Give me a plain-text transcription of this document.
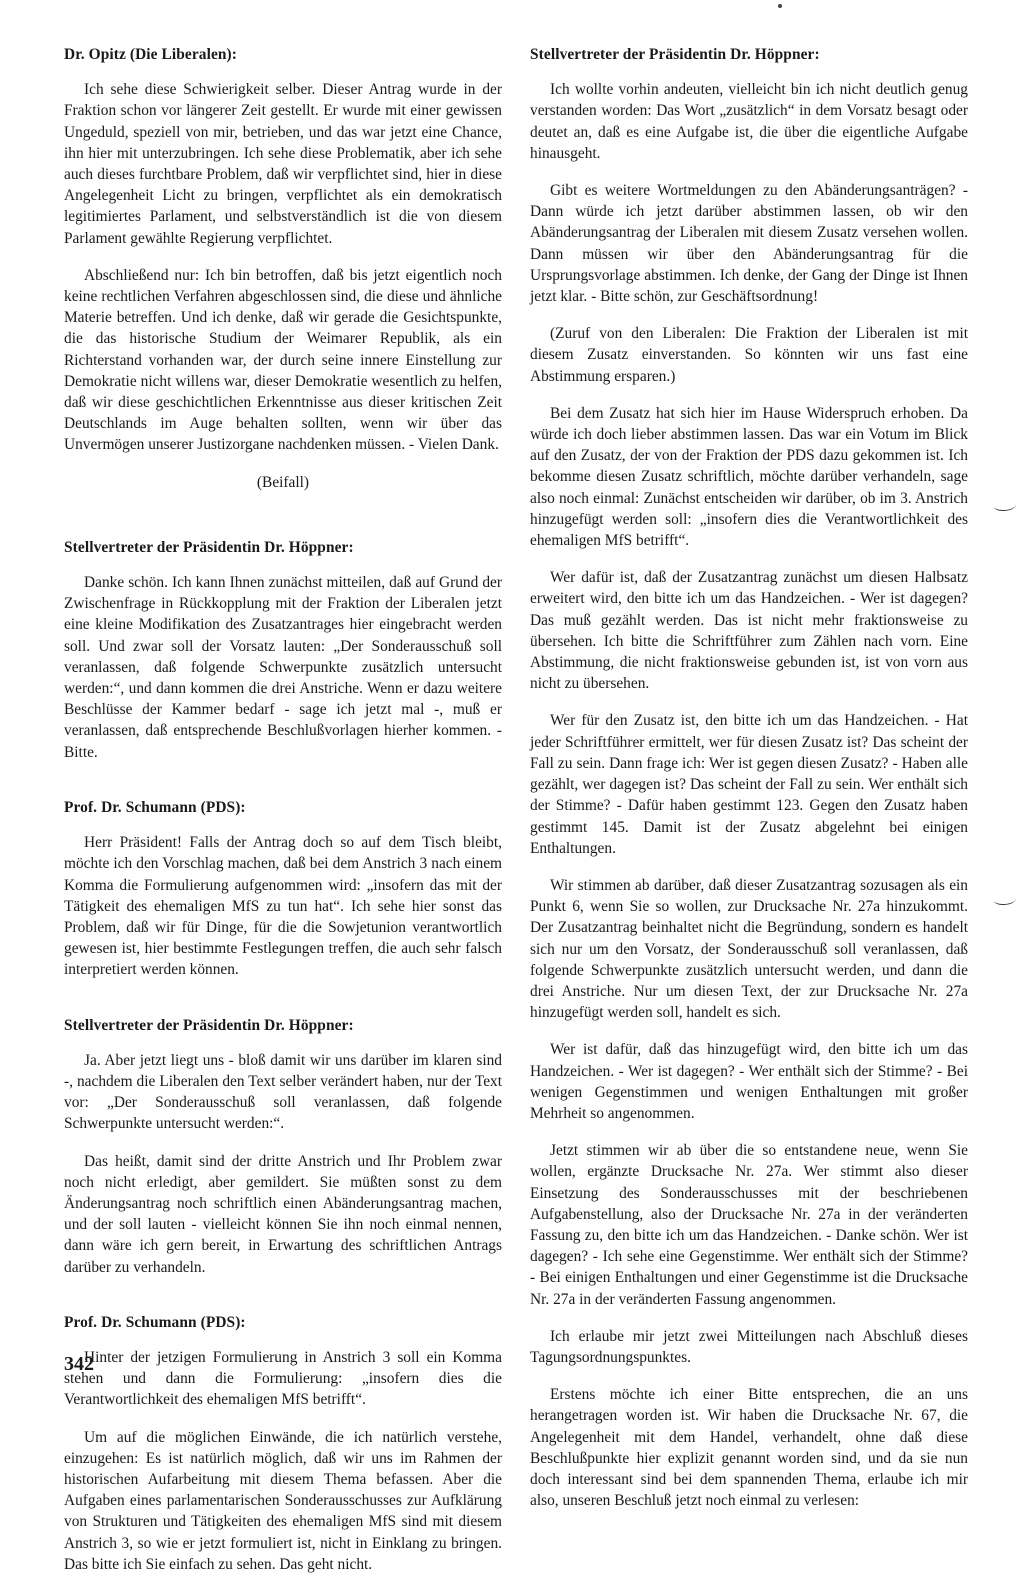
Dr. Opitz (Die Liberalen):

Ich sehe diese Schwierigkeit selber. Dieser Antrag wurde in der Fraktion schon vor längerer Zeit gestellt. Er wurde mit einer gewissen Ungeduld, speziell von mir, betrieben, und das war jetzt eine Chance, ihn hier mit unterzubringen. Ich sehe diese Problematik, aber ich sehe auch dieses furchtbare Problem, daß wir verpflichtet sind, hier in diese Angelegenheit Licht zu bringen, verpflichtet als ein demokratisch legitimiertes Parlament, und selbstverständlich ist die von diesem Parlament gewählte Regierung verpflichtet.

Abschließend nur: Ich bin betroffen, daß bis jetzt eigentlich noch keine rechtlichen Verfahren abgeschlossen sind, die diese und ähnliche Materie betreffen. Und ich denke, daß wir gerade die Gesichtspunkte, die das historische Studium der Weimarer Republik, als ein Richterstand vorhanden war, der durch seine innere Einstellung zur Demokratie nicht willens war, dieser Demokratie wesentlich zu helfen, daß wir diese geschichtlichen Erkenntnisse aus dieser kritischen Zeit Deutschlands im Auge behalten sollten, wenn wir über das Unvermögen unserer Justizorgane nachdenken müssen. - Vielen Dank.

(Beifall)

Stellvertreter der Präsidentin Dr. Höppner:

Danke schön. Ich kann Ihnen zunächst mitteilen, daß auf Grund der Zwischenfrage in Rückkopplung mit der Fraktion der Liberalen jetzt eine kleine Modifikation des Zusatzantrages hier eingebracht werden soll. Und zwar soll der Vorsatz lauten: „Der Sonderausschuß soll veranlassen, daß folgende Schwerpunkte zusätzlich untersucht werden:“, und dann kommen die drei Anstriche. Wenn er dazu weitere Beschlüsse der Kammer bedarf - sage ich jetzt mal -, muß er veranlassen, daß entsprechende Beschlußvorlagen hierher kommen. - Bitte.

Prof. Dr. Schumann (PDS):

Herr Präsident! Falls der Antrag doch so auf dem Tisch bleibt, möchte ich den Vorschlag machen, daß bei dem Anstrich 3 nach einem Komma die Formulierung aufgenommen wird: „insofern das mit der Tätigkeit des ehemaligen MfS zu tun hat“. Ich sehe hier sonst das Problem, daß wir für Dinge, für die die Sowjetunion verantwortlich gewesen ist, hier bestimmte Festlegungen treffen, die auch sehr falsch interpretiert werden können.

Stellvertreter der Präsidentin Dr. Höppner:

Ja. Aber jetzt liegt uns - bloß damit wir uns darüber im klaren sind -, nachdem die Liberalen den Text selber verändert haben, nur der Text vor: „Der Sonderausschuß soll veranlassen, daß folgende Schwerpunkte untersucht werden:“.

Das heißt, damit sind der dritte Anstrich und Ihr Problem zwar noch nicht erledigt, aber gemildert. Sie müßten sonst zu dem Änderungsantrag noch schriftlich einen Abänderungsantrag machen, und der soll lauten - vielleicht können Sie ihn noch einmal nennen, dann wäre ich gern bereit, in Erwartung des schriftlichen Antrags darüber zu verhandeln.

Prof. Dr. Schumann (PDS):

Hinter der jetzigen Formulierung in Anstrich 3 soll ein Komma stehen und dann die Formulierung: „insofern dies die Verantwortlichkeit des ehemaligen MfS betrifft“.

Um auf die möglichen Einwände, die ich natürlich verstehe, einzugehen: Es ist natürlich möglich, daß wir uns im Rahmen der historischen Aufarbeitung mit diesem Thema befassen. Aber die Aufgaben eines parlamentarischen Sonderausschusses zur Aufklärung von Strukturen und Tätigkeiten des ehemaligen MfS sind mit diesem Anstrich 3, so wie er jetzt formuliert ist, nicht in Einklang zu bringen. Das bitte ich Sie einfach zu sehen. Das geht nicht.

Stellvertreter der Präsidentin Dr. Höppner:

Ich wollte vorhin andeuten, vielleicht bin ich nicht deutlich genug verstanden worden: Das Wort „zusätzlich“ in dem Vorsatz besagt oder deutet an, daß es eine Aufgabe ist, die über die eigentliche Aufgabe hinausgeht.

Gibt es weitere Wortmeldungen zu den Abänderungsanträgen? - Dann würde ich jetzt darüber abstimmen lassen, ob wir den Abänderungsantrag der Liberalen mit diesem Zusatz versehen wollen. Dann müssen wir über den Abänderungsantrag für die Ursprungsvorlage abstimmen. Ich denke, der Gang der Dinge ist Ihnen jetzt klar. - Bitte schön, zur Geschäftsordnung!

(Zuruf von den Liberalen: Die Fraktion der Liberalen ist mit diesem Zusatz einverstanden. So könnten wir uns fast eine Abstimmung ersparen.)

Bei dem Zusatz hat sich hier im Hause Widerspruch erhoben. Da würde ich doch lieber abstimmen lassen. Das war ein Votum im Blick auf den Zusatz, der von der Fraktion der PDS dazu gekommen ist. Ich bekomme diesen Zusatz schriftlich, möchte darüber verhandeln, sage also noch einmal: Zunächst entscheiden wir darüber, ob im 3. Anstrich hinzugefügt werden soll: „insofern dies die Verantwortlichkeit des ehemaligen MfS betrifft“.

Wer dafür ist, daß der Zusatzantrag zunächst um diesen Halbsatz erweitert wird, den bitte ich um das Handzeichen. - Wer ist dagegen? Das muß gezählt werden. Das ist nicht mehr fraktionsweise zu übersehen. Ich bitte die Schriftführer zum Zählen nach vorn. Eine Abstimmung, die nicht fraktionsweise gebunden ist, ist von vorn aus nicht zu übersehen.

Wer für den Zusatz ist, den bitte ich um das Handzeichen. - Hat jeder Schriftführer ermittelt, wer für diesen Zusatz ist? Das scheint der Fall zu sein. Dann frage ich: Wer ist gegen diesen Zusatz? - Haben alle gezählt, wer dagegen ist? Das scheint der Fall zu sein. Wer enthält sich der Stimme? - Dafür haben gestimmt 123. Gegen den Zusatz haben gestimmt 145. Damit ist der Zusatz abgelehnt bei einigen Enthaltungen.

Wir stimmen ab darüber, daß dieser Zusatzantrag sozusagen als ein Punkt 6, wenn Sie so wollen, zur Drucksache Nr. 27a hinzukommt. Der Zusatzantrag beinhaltet nicht die Begründung, sondern es handelt sich nur um den Vorsatz, der Sonderausschuß soll veranlassen, daß folgende Schwerpunkte zusätzlich untersucht werden, und dann die drei Anstriche. Nur um diesen Text, der zur Drucksache Nr. 27a hinzugefügt werden soll, handelt es sich.

Wer ist dafür, daß das hinzugefügt wird, den bitte ich um das Handzeichen. - Wer ist dagegen? - Wer enthält sich der Stimme? - Bei wenigen Gegenstimmen und wenigen Enthaltungen mit großer Mehrheit so angenommen.

Jetzt stimmen wir ab über die so entstandene neue, wenn Sie wollen, ergänzte Drucksache Nr. 27a. Wer stimmt also dieser Einsetzung des Sonderausschusses mit der beschriebenen Aufgabenstellung, also der Drucksache Nr. 27a in der veränderten Fassung zu, den bitte ich um das Handzeichen. - Danke schön. Wer ist dagegen? - Ich sehe eine Gegenstimme. Wer enthält sich der Stimme? - Bei einigen Enthaltungen und einer Gegenstimme ist die Drucksache Nr. 27a in der veränderten Fassung angenommen.

Ich erlaube mir jetzt zwei Mitteilungen nach Abschluß dieses Tagungsordnungspunktes.

Erstens möchte ich einer Bitte entsprechen, die an uns herangetragen worden ist. Wir haben die Drucksache Nr. 67, die Angelegenheit mit dem Handel, verhandelt, ohne daß diese Beschlußpunkte hier explizit genannt worden sind, und da sie nun doch interessant sind bei dem spannenden Thema, erlaube ich mir also, unseren Beschluß jetzt noch einmal zu verlesen:

342
